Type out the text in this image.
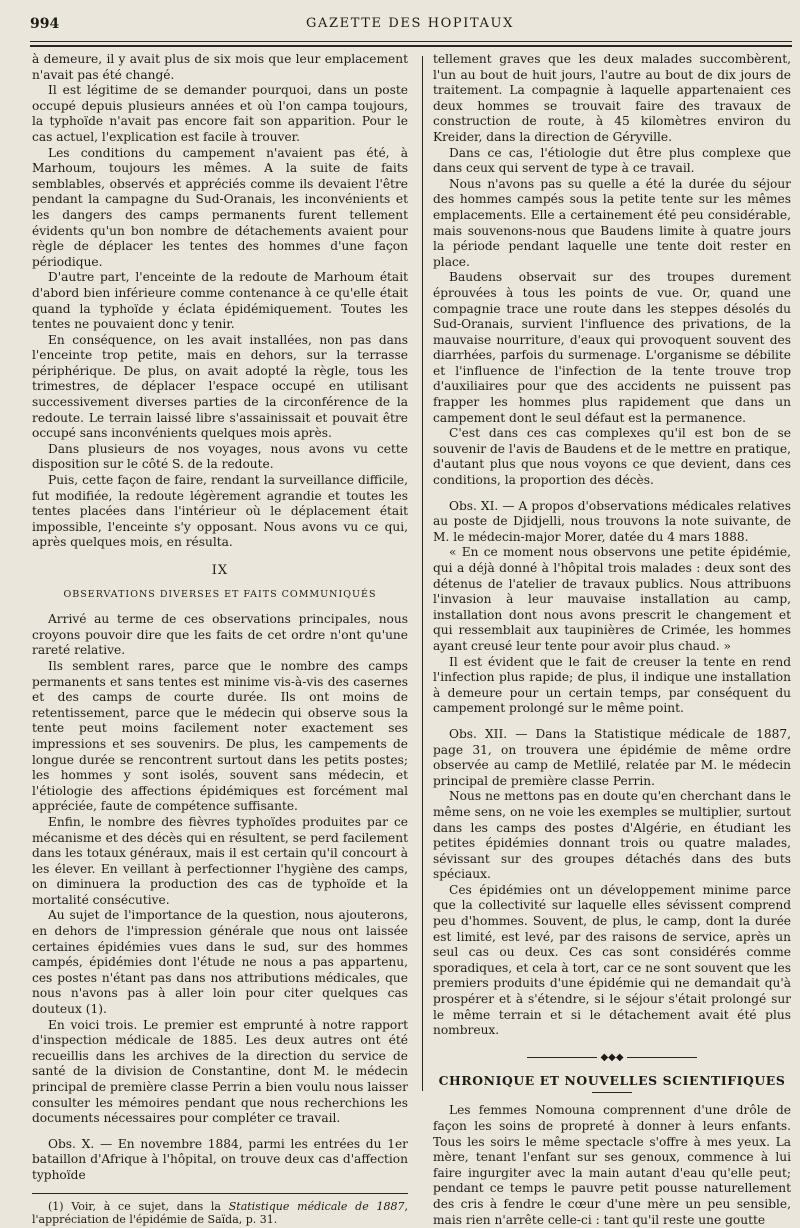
994	GAZETTE DES HOPITAUX

à demeure, il y avait plus de six mois que leur emplacement n'avait pas été changé.

Il est légitime de se demander pourquoi, dans un poste occupé depuis plusieurs années et où l'on campa toujours, la typhoïde n'avait pas encore fait son apparition. Pour le cas actuel, l'explication est facile à trouver.

Les conditions du campement n'avaient pas été, à Marhoum, toujours les mêmes. A la suite de faits semblables, observés et appréciés comme ils devaient l'être pendant la campagne du Sud-Oranais, les inconvénients et les dangers des camps permanents furent tellement évidents qu'un bon nombre de détachements avaient pour règle de déplacer les tentes des hommes d'une façon périodique.

D'autre part, l'enceinte de la redoute de Marhoum était d'abord bien inférieure comme contenance à ce qu'elle était quand la typhoïde y éclata épidémiquement. Toutes les tentes ne pouvaient donc y tenir.

En conséquence, on les avait installées, non pas dans l'enceinte trop petite, mais en dehors, sur la terrasse périphérique. De plus, on avait adopté la règle, tous les trimestres, de déplacer l'espace occupé en utilisant successivement diverses parties de la circonférence de la redoute. Le terrain laissé libre s'assainissait et pouvait être occupé sans inconvénients quelques mois après.

Dans plusieurs de nos voyages, nous avons vu cette disposition sur le côté S. de la redoute.

Puis, cette façon de faire, rendant la surveillance difficile, fut modifiée, la redoute légèrement agrandie et toutes les tentes placées dans l'intérieur où le déplacement était impossible, l'enceinte s'y opposant. Nous avons vu ce qui, après quelques mois, en résulta.

IX
OBSERVATIONS DIVERSES ET FAITS COMMUNIQUÉS

Arrivé au terme de ces observations principales, nous croyons pouvoir dire que les faits de cet ordre n'ont qu'une rareté relative.

Ils semblent rares, parce que le nombre des camps permanents et sans tentes est minime vis-à-vis des casernes et des camps de courte durée. Ils ont moins de retentissement, parce que le médecin qui observe sous la tente peut moins facilement noter exactement ses impressions et ses souvenirs. De plus, les campements de longue durée se rencontrent surtout dans les petits postes; les hommes y sont isolés, souvent sans médecin, et l'étiologie des affections épidémiques est forcément mal appréciée, faute de compétence suffisante.

Enfin, le nombre des fièvres typhoïdes produites par ce mécanisme et des décès qui en résultent, se perd facilement dans les totaux généraux, mais il est certain qu'il concourt à les élever. En veillant à perfectionner l'hygiène des camps, on diminuera la production des cas de typhoïde et la mortalité consécutive.

Au sujet de l'importance de la question, nous ajouterons, en dehors de l'impression générale que nous ont laissée certaines épidémies vues dans le sud, sur des hommes campés, épidémies dont l'étude ne nous a pas appartenu, ces postes n'étant pas dans nos attributions médicales, que nous n'avons pas à aller loin pour citer quelques cas douteux (1).

En voici trois. Le premier est emprunté à notre rapport d'inspection médicale de 1885. Les deux autres ont été recueillis dans les archives de la direction du service de santé de la division de Constantine, dont M. le médecin principal de première classe Perrin a bien voulu nous laisser consulter les mémoires pendant que nous recherchions les documents nécessaires pour compléter ce travail.

Obs. X. — En novembre 1884, parmi les entrées du 1er bataillon d'Afrique à l'hôpital, on trouve deux cas d'affection typhoïde

(1) Voir, à ce sujet, dans la Statistique médicale de 1887, l'appréciation de l'épidémie de Saïda, p. 31.

tellement graves que les deux malades succombèrent, l'un au bout de huit jours, l'autre au bout de dix jours de traitement. La compagnie à laquelle appartenaient ces deux hommes se trouvait faire des travaux de construction de route, à 45 kilomètres environ du Kreider, dans la direction de Géryville.

Dans ce cas, l'étiologie dut être plus complexe que dans ceux qui servent de type à ce travail.

Nous n'avons pas su quelle a été la durée du séjour des hommes campés sous la petite tente sur les mêmes emplacements. Elle a certainement été peu considérable, mais souvenons-nous que Baudens limite à quatre jours la période pendant laquelle une tente doit rester en place.

Baudens observait sur des troupes durement éprouvées à tous les points de vue. Or, quand une compagnie trace une route dans les steppes désolés du Sud-Oranais, survient l'influence des privations, de la mauvaise nourriture, d'eaux qui provoquent souvent des diarrhées, parfois du surmenage. L'organisme se débilite et l'influence de l'infection de la tente trouve trop d'auxiliaires pour que des accidents ne puissent pas frapper les hommes plus rapidement que dans un campement dont le seul défaut est la permanence.

C'est dans ces cas complexes qu'il est bon de se souvenir de l'avis de Baudens et de le mettre en pratique, d'autant plus que nous voyons ce que devient, dans ces conditions, la proportion des décès.

Obs. XI. — A propos d'observations médicales relatives au poste de Djidjelli, nous trouvons la note suivante, de M. le médecin-major Morer, datée du 4 mars 1888.

« En ce moment nous observons une petite épidémie, qui a déjà donné à l'hôpital trois malades : deux sont des détenus de l'atelier de travaux publics. Nous attribuons l'invasion à leur mauvaise installation au camp, installation dont nous avons prescrit le changement et qui ressemblait aux taupinières de Crimée, les hommes ayant creusé leur tente pour avoir plus chaud. »

Il est évident que le fait de creuser la tente en rend l'infection plus rapide; de plus, il indique une installation à demeure pour un certain temps, par conséquent du campement prolongé sur le même point.

Obs. XII. — Dans la Statistique médicale de 1887, page 31, on trouvera une épidémie de même ordre observée au camp de Metlilé, relatée par M. le médecin principal de première classe Perrin.

Nous ne mettons pas en doute qu'en cherchant dans le même sens, on ne voie les exemples se multiplier, surtout dans les camps des postes d'Algérie, en étudiant les petites épidémies donnant trois ou quatre malades, sévissant sur des groupes détachés dans des buts spéciaux.

Ces épidémies ont un développement minime parce que la collectivité sur laquelle elles sévissent comprend peu d'hommes. Souvent, de plus, le camp, dont la durée est limité, est levé, par des raisons de service, après un seul cas ou deux. Ces cas sont considérés comme sporadiques, et cela à tort, car ce ne sont souvent que les premiers produits d'une épidémie qui ne demandait qu'à prospérer et à s'étendre, si le séjour s'était prolongé sur le même terrain et si le détachement avait été plus nombreux.

◆◆◆
CHRONIQUE ET NOUVELLES SCIENTIFIQUES

Les femmes Nomouna comprennent d'une drôle de façon les soins de propreté à donner à leurs enfants. Tous les soirs le même spectacle s'offre à mes yeux. La mère, tenant l'enfant sur ses genoux, commence à lui faire ingurgiter avec la main autant d'eau qu'elle peut; pendant ce temps le pauvre petit pousse naturellement des cris à fendre le cœur d'une mère un peu sensible, mais rien n'arrête celle-ci : tant qu'il reste une goutte
